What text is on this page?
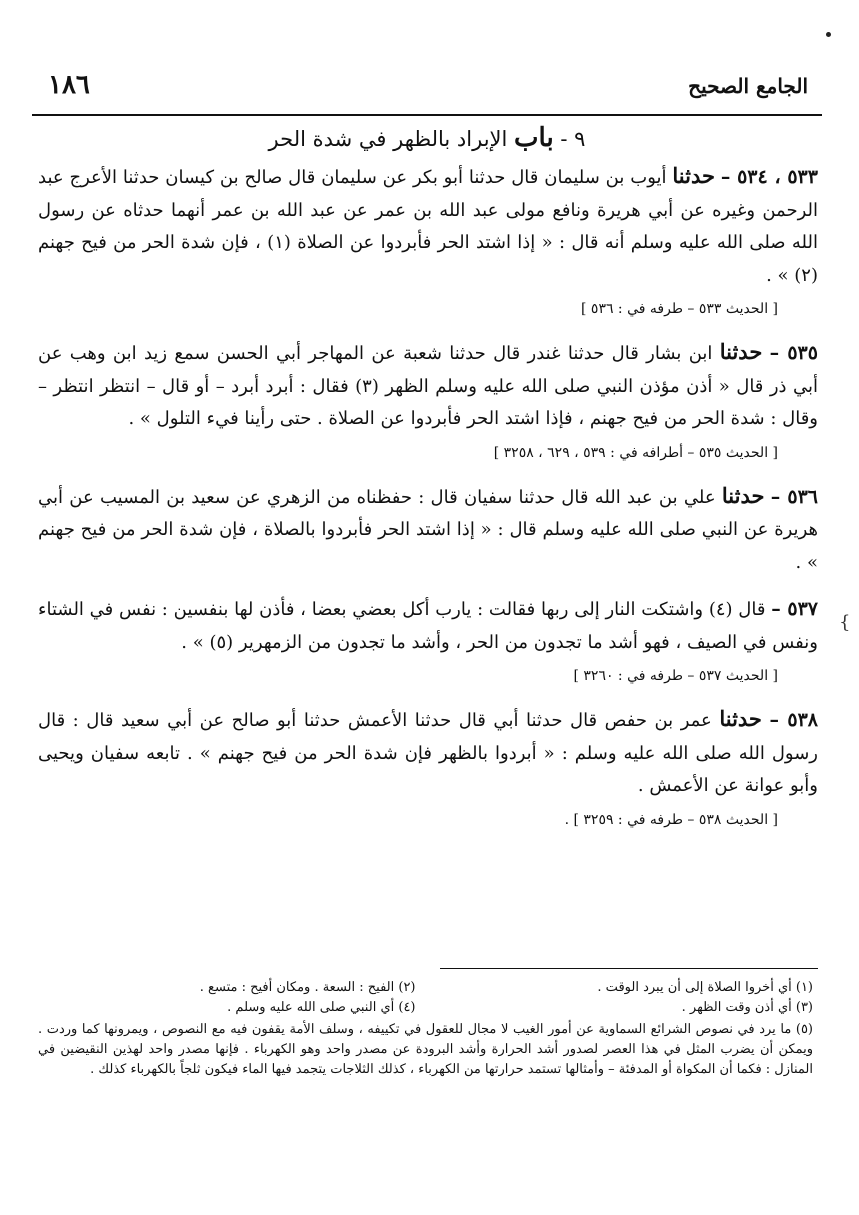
١٨٦	الجامع الصحيح
٩ - باب الإبراد بالظهر في شدة الحر
٥٣٣ ، ٥٣٤ – حدثنا أيوب بن سليمان قال حدثنا أبو بكر عن سليمان قال صالح بن كيسان حدثنا الأعرج عبد الرحمن وغيره عن أبي هريرة ونافع مولى عبد الله بن عمر عن عبد الله بن عمر أنهما حدثاه عن رسول الله صلى الله عليه وسلم أنه قال : « إذا اشتد الحر فأبردوا عن الصلاة (١) ، فإن شدة الحر من فيح جهنم (٢) » .
[ الحديث ٥٣٣ – طرفه في : ٥٣٦ ]
٥٣٥ – حدثنا ابن بشار قال حدثنا غندر قال حدثنا شعبة عن المهاجر أبي الحسن سمع زيد ابن وهب عن أبي ذر قال « أذن مؤذن النبي صلى الله عليه وسلم الظهر (٣) فقال : أبرد أبرد – أو قال – انتظر انتظر – وقال : شدة الحر من فيح جهنم ، فإذا اشتد الحر فأبردوا عن الصلاة . حتى رأينا فيء التلول » .
[ الحديث ٥٣٥ – أطرافه في : ٥٣٩ ، ٦٢٩ ، ٣٢٥٨ ]
٥٣٦ – حدثنا علي بن عبد الله قال حدثنا سفيان قال : حفظناه من الزهري عن سعيد بن المسيب عن أبي هريرة عن النبي صلى الله عليه وسلم قال : « إذا اشتد الحر فأبردوا بالصلاة ، فإن شدة الحر من فيح جهنم » .
٥٣٧ – قال (٤) واشتكت النار إلى ربها فقالت : يارب أكل بعضي بعضا ، فأذن لها بنفسين : نفس في الشتاء ونفس في الصيف ، فهو أشد ما تجدون من الحر ، وأشد ما تجدون من الزمهرير (٥) » .
[ الحديث ٥٣٧ – طرفه في : ٣٢٦٠ ]
٥٣٨ – حدثنا عمر بن حفص قال حدثنا أبي قال حدثنا الأعمش حدثنا أبو صالح عن أبي سعيد قال : قال رسول الله صلى الله عليه وسلم : « أبردوا بالظهر فإن شدة الحر من فيح جهنم » . تابعه سفيان ويحيى وأبو عوانة عن الأعمش .
[ الحديث ٥٣٨ – طرفه في : ٣٢٥٩ ] .
{

(١) أي أخروا الصلاة إلى أن يبرد الوقت .

(٢) الفيح : السعة . ومكان أفيح : متسع .

(٣) أي أذن وقت الظهر .

(٤) أي النبي صلى الله عليه وسلم .

(٥) ما يرد في نصوص الشرائع السماوية عن أمور الغيب لا مجال للعقول في تكييفه ، وسلف الأمة يقفون فيه مع النصوص ، ويمرونها كما وردت . ويمكن أن يضرب المثل في هذا العصر لصدور أشد الحرارة وأشد البرودة عن مصدر واحد وهو الكهرباء . فإنها مصدر واحد لهذين النقيضين في المنازل : فكما أن المكواة أو المدفئة – وأمثالها تستمد حرارتها من الكهرباء ، كذلك الثلاجات يتجمد فيها الماء فيكون ثلجاً بالكهرباء كذلك .
